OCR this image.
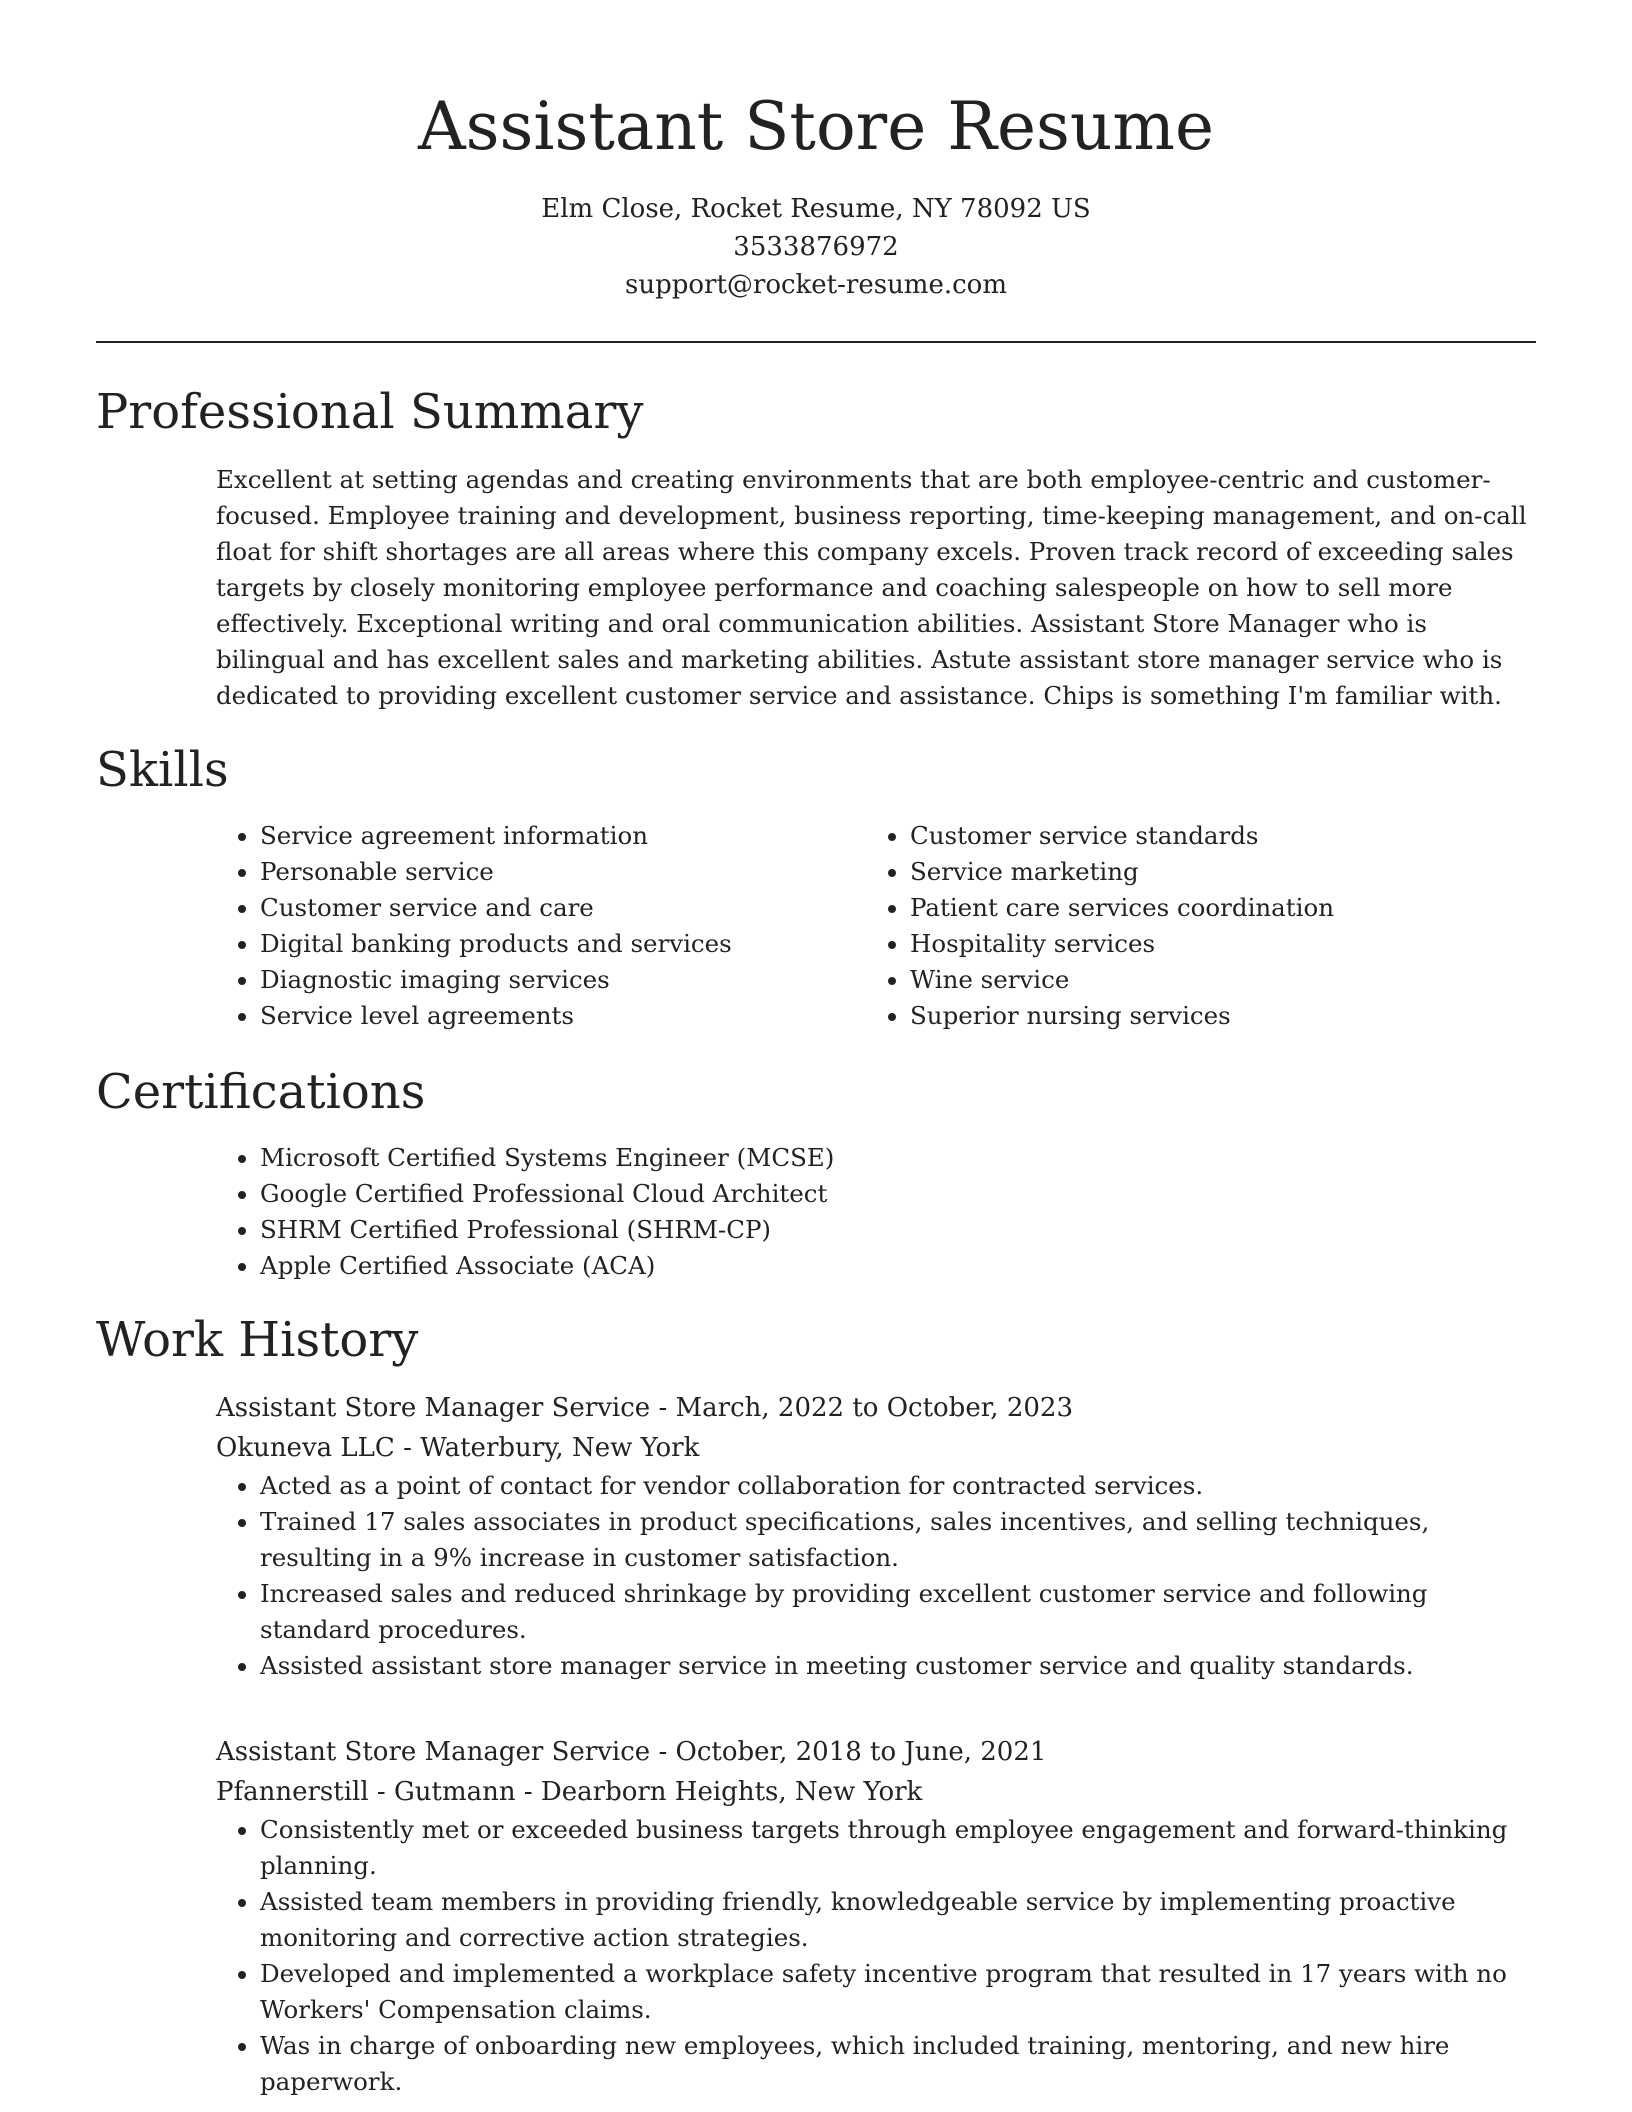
Assistant Store Resume
Elm Close, Rocket Resume, NY 78092 US
3533876972
support@rocket-resume.com
Professional Summary
Excellent at setting agendas and creating environments that are both employee-centric and customer-focused. Employee training and development, business reporting, time-keeping management, and on-call float for shift shortages are all areas where this company excels. Proven track record of exceeding sales targets by closely monitoring employee performance and coaching salespeople on how to sell more effectively. Exceptional writing and oral communication abilities. Assistant Store Manager who is bilingual and has excellent sales and marketing abilities. Astute assistant store manager service who is dedicated to providing excellent customer service and assistance. Chips is something I'm familiar with.
Skills
• Service agreement information
• Personable service
• Customer service and care
• Digital banking products and services
• Diagnostic imaging services
• Service level agreements
• Customer service standards
• Service marketing
• Patient care services coordination
• Hospitality services
• Wine service
• Superior nursing services
Certifications
• Microsoft Certified Systems Engineer (MCSE)
• Google Certified Professional Cloud Architect
• SHRM Certified Professional (SHRM-CP)
• Apple Certified Associate (ACA)
Work History
Assistant Store Manager Service - March, 2022 to October, 2023
Okuneva LLC - Waterbury, New York
• Acted as a point of contact for vendor collaboration for contracted services.
• Trained 17 sales associates in product specifications, sales incentives, and selling techniques, resulting in a 9% increase in customer satisfaction.
• Increased sales and reduced shrinkage by providing excellent customer service and following standard procedures.
• Assisted assistant store manager service in meeting customer service and quality standards.
Assistant Store Manager Service - October, 2018 to June, 2021
Pfannerstill - Gutmann - Dearborn Heights, New York
• Consistently met or exceeded business targets through employee engagement and forward-thinking planning.
• Assisted team members in providing friendly, knowledgeable service by implementing proactive monitoring and corrective action strategies.
• Developed and implemented a workplace safety incentive program that resulted in 17 years with no Workers' Compensation claims.
• Was in charge of onboarding new employees, which included training, mentoring, and new hire paperwork.
